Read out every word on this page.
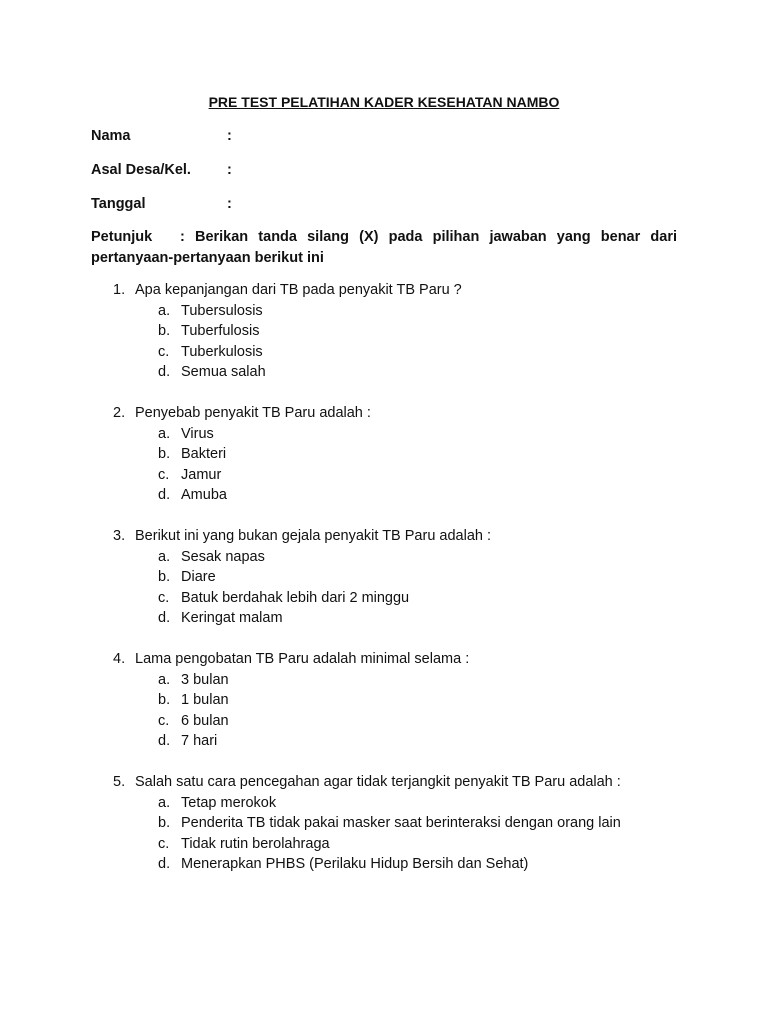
PRE TEST PELATIHAN KADER KESEHATAN NAMBO
Nama	:
Asal Desa/Kel.	:
Tanggal	:
Petunjuk	: Berikan tanda silang (X) pada pilihan jawaban yang benar dari
pertanyaan-pertanyaan berikut ini
1. Apa kepanjangan dari TB pada penyakit TB Paru ?
a. Tubersulosis
b. Tuberfulosis
c. Tuberkulosis
d. Semua salah
2. Penyebab penyakit TB Paru adalah :
a. Virus
b. Bakteri
c. Jamur
d. Amuba
3. Berikut ini yang bukan gejala penyakit TB Paru adalah :
a. Sesak napas
b. Diare
c. Batuk berdahak lebih dari 2 minggu
d. Keringat malam
4. Lama pengobatan TB Paru adalah minimal selama :
a. 3 bulan
b. 1 bulan
c. 6 bulan
d. 7 hari
5. Salah satu cara pencegahan agar tidak terjangkit penyakit TB Paru adalah :
a. Tetap merokok
b. Penderita TB tidak pakai masker saat berinteraksi dengan orang lain
c. Tidak rutin berolahraga
d. Menerapkan PHBS (Perilaku Hidup Bersih dan Sehat)
